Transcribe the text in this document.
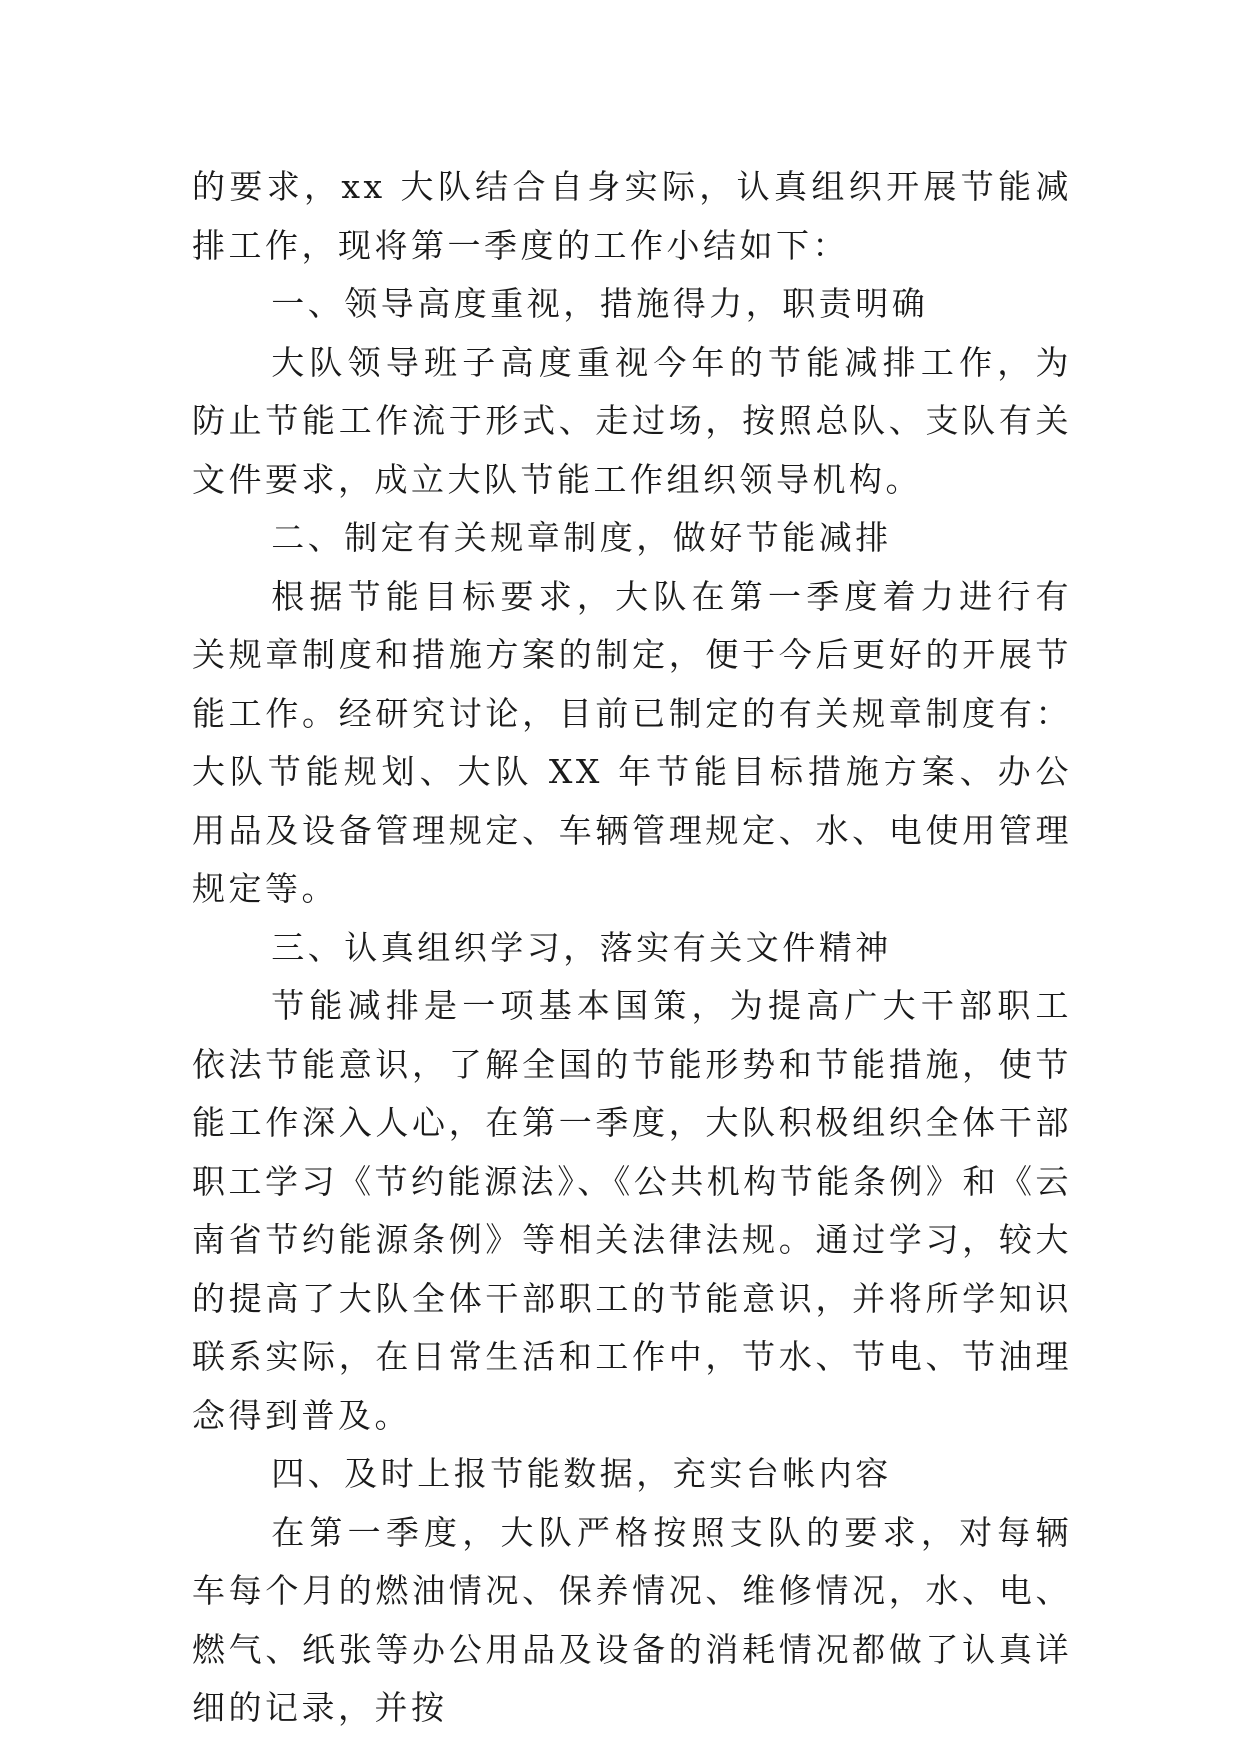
的要求，xx 大队结合自身实际，认真组织开展节能减排工作，现将第一季度的工作小结如下：

一、领导高度重视，措施得力，职责明确

大队领导班子高度重视今年的节能减排工作，为防止节能工作流于形式、走过场，按照总队、支队有关文件要求，成立大队节能工作组织领导机构。

二、制定有关规章制度，做好节能减排

根据节能目标要求，大队在第一季度着力进行有关规章制度和措施方案的制定，便于今后更好的开展节能工作。经研究讨论，目前已制定的有关规章制度有：大队节能规划、大队 XX 年节能目标措施方案、办公用品及设备管理规定、车辆管理规定、水、电使用管理规定等。

三、认真组织学习，落实有关文件精神

节能减排是一项基本国策，为提高广大干部职工依法节能意识，了解全国的节能形势和节能措施，使节能工作深入人心，在第一季度，大队积极组织全体干部职工学习《节约能源法》、《公共机构节能条例》和《云南省节约能源条例》等相关法律法规。通过学习，较大的提高了大队全体干部职工的节能意识，并将所学知识联系实际，在日常生活和工作中，节水、节电、节油理念得到普及。

四、及时上报节能数据，充实台帐内容

在第一季度，大队严格按照支队的要求，对每辆车每个月的燃油情况、保养情况、维修情况，水、电、燃气、纸张等办公用品及设备的消耗情况都做了认真详细的记录，并按
